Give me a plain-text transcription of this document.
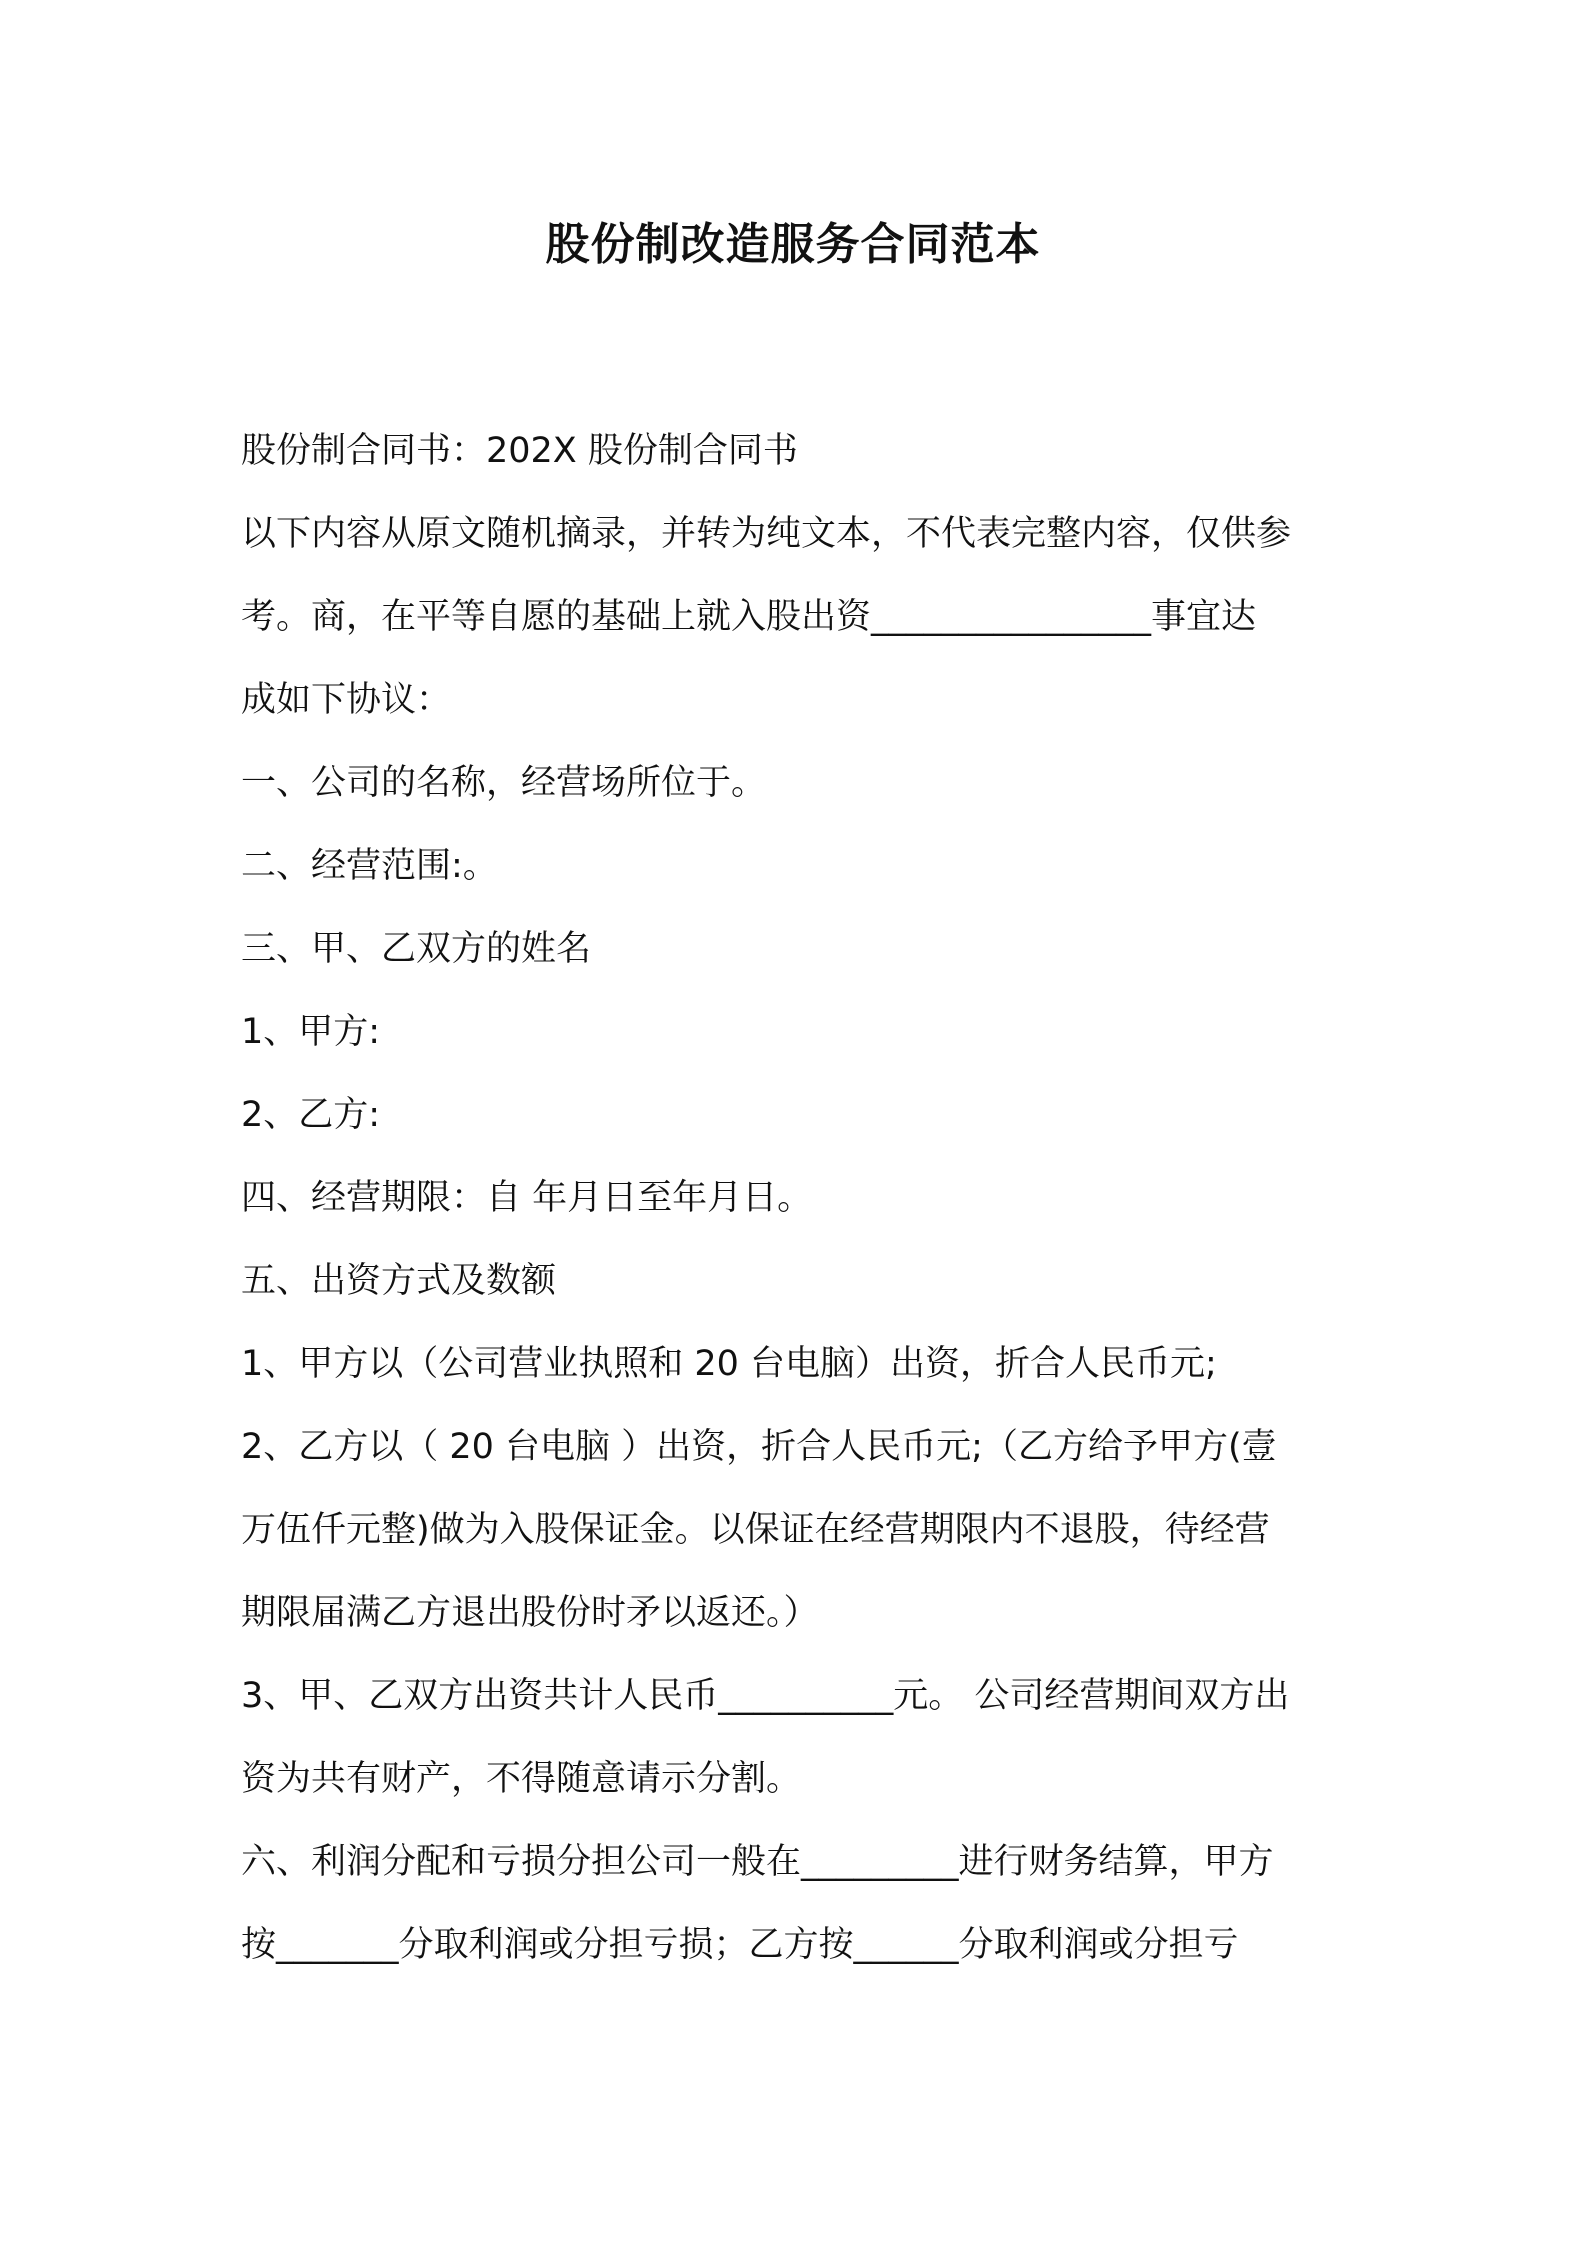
股份制改造服务合同范本
股份制合同书：202X 股份制合同书
以下内容从原文随机摘录，并转为纯文本，不代表完整内容，仅供参
考。商，在平等自愿的基础上就入股出资________________事宜达
成如下协议：
一、公司的名称，经营场所位于。
二、经营范围:。
三、甲、乙双方的姓名
1、甲方:
2、乙方:
四、经营期限：自 年月日至年月日。
五、出资方式及数额
1、甲方以（公司营业执照和 20 台电脑）出资，折合人民币元;
2、乙方以（ 20 台电脑 ）出资，折合人民币元;（乙方给予甲方(壹
万伍仟元整)做为入股保证金。以保证在经营期限内不退股，待经营
期限届满乙方退出股份时矛以返还。）
3、甲、乙双方出资共计人民币__________元。 公司经营期间双方出
资为共有财产，不得随意请示分割。
六、利润分配和亏损分担公司一般在_________进行财务结算，甲方
按_______分取利润或分担亏损；乙方按______分取利润或分担亏
